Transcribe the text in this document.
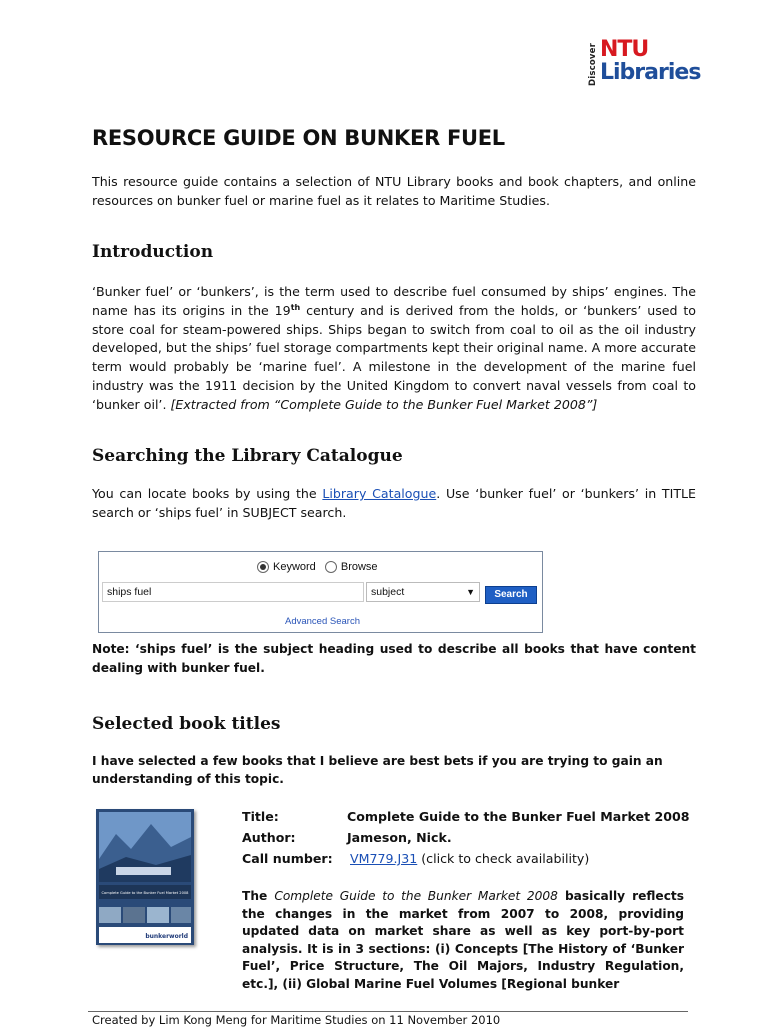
Discover NTU
Libraries
RESOURCE GUIDE ON BUNKER FUEL

This resource guide contains a selection of NTU Library books and book chapters, and online resources on bunker fuel or marine fuel as it relates to Maritime Studies.

Introduction

‘Bunker fuel’ or ‘bunkers’, is the term used to describe fuel consumed by ships’ engines. The name has its origins in the 19th century and is derived from the holds, or ‘bunkers’ used to store coal for steam-powered ships. Ships began to switch from coal to oil as the oil industry developed, but the ships’ fuel storage compartments kept their original name. A more accurate term would probably be ‘marine fuel’. A milestone in the development of the marine fuel industry was the 1911 decision by the United Kingdom to convert naval vessels from coal to ‘bunker oil’. [Extracted from “Complete Guide to the Bunker Fuel Market 2008”]

Searching the Library Catalogue

You can locate books by using the Library Catalogue. Use ‘bunker fuel’ or ‘bunkers’ in TITLE search or ‘ships fuel’ in SUBJECT search.

Keyword Browse
ships fuel	subject	▼	Search
Advanced Search

Note: ‘ships fuel’ is the subject heading used to describe all books that have content dealing with bunker fuel.

Selected book titles

I have selected a few books that I believe are best bets if you are trying to gain an understanding of this topic.

Complete Guide to the Bunker Fuel Market 2008
bunkerworld
Title:	Complete Guide to the Bunker Fuel Market 2008
Author:	Jameson, Nick.
Call number: VM779.J31 (click to check availability)

The Complete Guide to the Bunker Market 2008 basically reflects the changes in the market from 2007 to 2008, providing updated data on market share as well as key port-by-port analysis. It is in 3 sections: (i) Concepts [The History of ‘Bunker Fuel’, Price Structure, The Oil Majors, Industry Regulation, etc.], (ii) Global Marine Fuel Volumes [Regional bunker

Created by Lim Kong Meng for Maritime Studies on 11 November 2010
